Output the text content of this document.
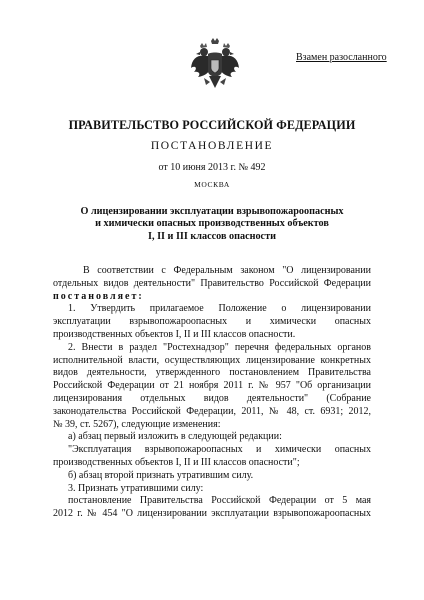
Взамен разосланного
ПРАВИТЕЛЬСТВО РОССИЙСКОЙ ФЕДЕРАЦИИ
ПОСТАНОВЛЕНИЕ
от 10 июня 2013 г. № 492
МОСКВА
О лицензировании эксплуатации взрывопожароопасных
и химически опасных производственных объектов
I, II и III классов опасности
В соответствии с Федеральным законом "О лицензировании
отдельных видов деятельности" Правительство Российской Федерации
постановляет:
1. Утвердить прилагаемое Положение о лицензировании
эксплуатации взрывопожароопасных и химически опасных
производственных объектов I, II и III классов опасности.
2. Внести в раздел "Ростехнадзор" перечня федеральных органов
исполнительной власти, осуществляющих лицензирование конкретных
видов деятельности, утвержденного постановлением Правительства
Российской Федерации от 21 ноября 2011 г. № 957 "Об организации
лицензирования отдельных видов деятельности" (Собрание
законодательства Российской Федерации, 2011, № 48, ст. 6931; 2012,
№ 39, ст. 5267), следующие изменения:
а) абзац первый изложить в следующей редакции:
"Эксплуатация взрывопожароопасных и химически опасных
производственных объектов I, II и III классов опасности";
б) абзац второй признать утратившим силу.
3. Признать утратившими силу:
постановление Правительства Российской Федерации от 5 мая
2012 г. № 454 "О лицензировании эксплуатации взрывопожароопасных
